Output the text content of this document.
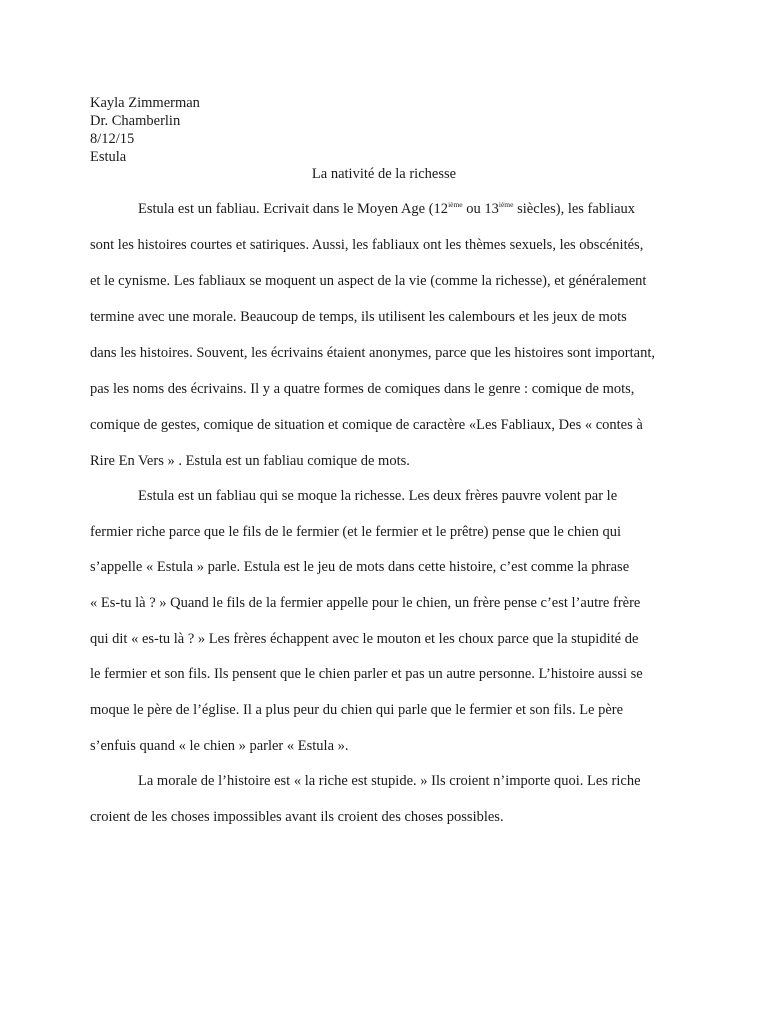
Kayla Zimmerman
Dr. Chamberlin
8/12/15
Estula
La nativité de la richesse
Estula est un fabliau. Ecrivait dans le Moyen Age (12ième ou 13ième siècles), les fabliaux
sont les histoires courtes et satiriques. Aussi, les fabliaux ont les thèmes sexuels, les obscénités,
et le cynisme. Les fabliaux se moquent un aspect de la vie (comme la richesse), et généralement
termine avec une morale. Beaucoup de temps, ils utilisent les calembours et les jeux de mots
dans les histoires. Souvent, les écrivains étaient anonymes, parce que les histoires sont important,
pas les noms des écrivains. Il y a quatre formes de comiques dans le genre : comique de mots,
comique de gestes, comique de situation et comique de caractère «Les Fabliaux, Des « contes à
Rire En Vers » . Estula est un fabliau comique de mots.
Estula est un fabliau qui se moque la richesse. Les deux frères pauvre volent par le
fermier riche parce que le fils de le fermier (et le fermier et le prêtre) pense que le chien qui
s’appelle « Estula » parle. Estula est le jeu de mots dans cette histoire, c’est comme la phrase
« Es-tu là ? » Quand le fils de la fermier appelle pour le chien, un frère pense c’est l’autre frère
qui dit « es-tu là ? » Les frères échappent avec le mouton et les choux parce que la stupidité de
le fermier et son fils. Ils pensent que le chien parler et pas un autre personne. L’histoire aussi se
moque le père de l’église. Il a plus peur du chien qui parle que le fermier et son fils. Le père
s’enfuis quand « le chien » parler « Estula ».
La morale de l’histoire est « la riche est stupide. » Ils croient n’importe quoi. Les riche
croient de les choses impossibles avant ils croient des choses possibles.
